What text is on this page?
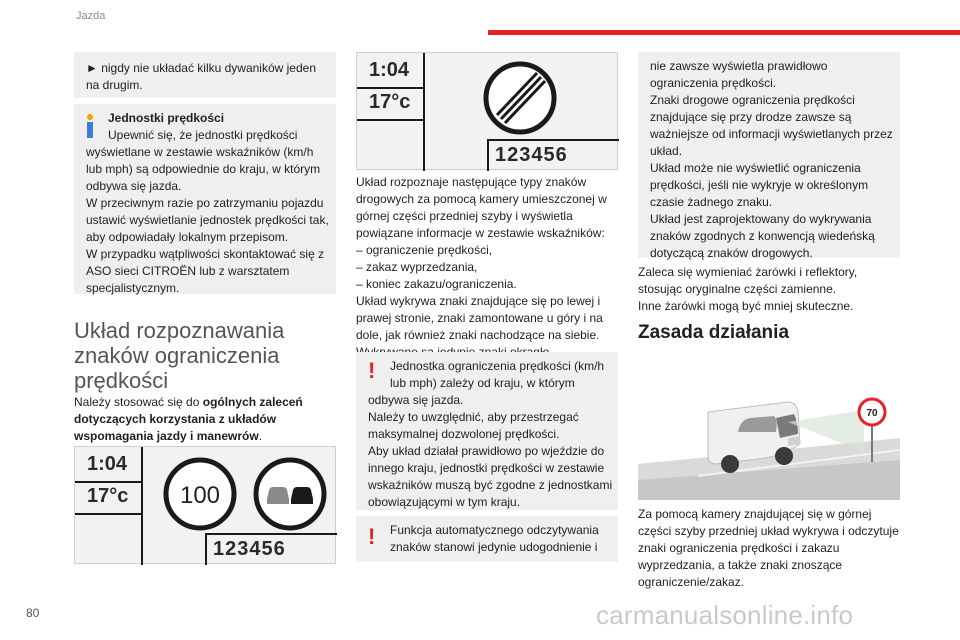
Jazda
► nigdy nie układać kilku dywaników jeden na drugim.
Jednostki prędkości
Upewnić się, że jednostki prędkości
wyświetlane w zestawie wskaźników (km/h lub mph) są odpowiednie do kraju, w którym odbywa się jazda.
W przeciwnym razie po zatrzymaniu pojazdu ustawić wyświetlanie jednostek prędkości tak, aby odpowiadały lokalnym przepisom.
W przypadku wątpliwości skontaktować się z ASO sieci CITROËN lub z warsztatem specjalistycznym.
Układ rozpoznawania znaków ograniczenia prędkości
Należy stosować się do ogólnych zaleceń dotyczących korzystania z układów wspomagania jazdy i manewrów.
1:04
17°c
123456
100
1:04
17°c
123456
Układ rozpoznaje następujące typy znaków drogowych za pomocą kamery umieszczonej w górnej części przedniej szyby i wyświetla powiązane informacje w zestawie wskaźników:
– ograniczenie prędkości,
– zakaz wyprzedzania,
– koniec zakazu/ograniczenia.
Układ wykrywa znaki znajdujące się po lewej i prawej stronie, znaki zamontowane u góry i na dole, jak również znaki nachodzące na siebie.

! Jednostka ograniczenia prędkości (km/h
lub mph) zależy od kraju, w którym
odbywa się jazda.
Należy to uwzględnić, aby przestrzegać maksymalnej dozwolonej prędkości.
Aby układ działał prawidłowo po wjeździe do innego kraju, jednostki prędkości w zestawie wskaźników muszą być zgodne z jednostkami obowiązującymi w tym kraju.
! Funkcja automatycznego odczytywania
znaków stanowi jedynie udogodnienie i
nie zawsze wyświetla prawidłowo ograniczenia prędkości.
Znaki drogowe ograniczenia prędkości znajdujące się przy drodze zawsze są ważniejsze od informacji wyświetlanych przez układ.
Układ może nie wyświetlić ograniczenia prędkości, jeśli nie wykryje w określonym czasie żadnego znaku.
Układ jest zaprojektowany do wykrywania znaków zgodnych z konwencją wiedeńską dotyczącą znaków drogowych.
Zaleca się wymieniać żarówki i reflektory, stosując oryginalne części zamienne.
Inne żarówki mogą być mniej skuteczne.
Zasada działania
70
Za pomocą kamery znajdującej się w górnej części szyby przedniej układ wykrywa i odczytuje znaki ograniczenia prędkości i zakazu wyprzedzania, a także znaki znoszące ograniczenie/zakaz.
80	carmanualsonline.info
